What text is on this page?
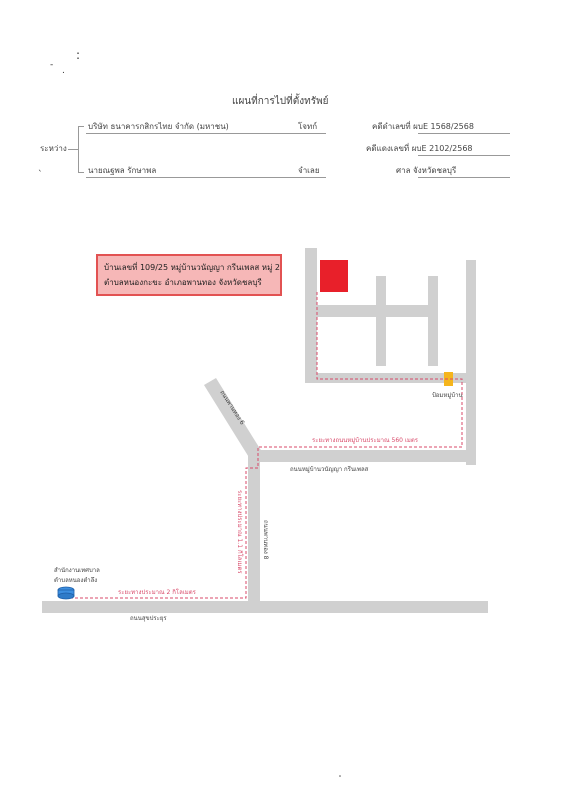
:
-
.
`
แผนที่การไปที่ตั้งทรัพย์
ระหว่าง
บริษัท ธนาคารกสิกรไทย จำกัด (มหาชน)	โจทก์
นายณฐพล รักษาพล	จำเลย
คดีดำเลขที่ ผบE 1568/2568
คดีแดงเลขที่ ผบE 2102/2568
ศาล จังหวัดชลบุรี
ป้อมหมู่บ้าน
ถนนหมู่บ้านวนัญญา กรีนเพลส
ถนนสุขประยุร
ถนนพานทอง 6
ถนนพานทอง 8
ระยะทางถนนหมู่บ้านประมาณ 560 เมตร
ระยะทางประมาณ 1.1 กิโลเมตร
ระยะทางประมาณ 2 กิโลเมตร
สำนักงานเทศบาล
ตำบลหนองตำลึง
บ้านเลขที่ 109/25 หมู่บ้านวนัญญา กรีนเพลส หมู่ 2
ตำบลหนองกะขะ อำเภอพานทอง จังหวัดชลบุรี
